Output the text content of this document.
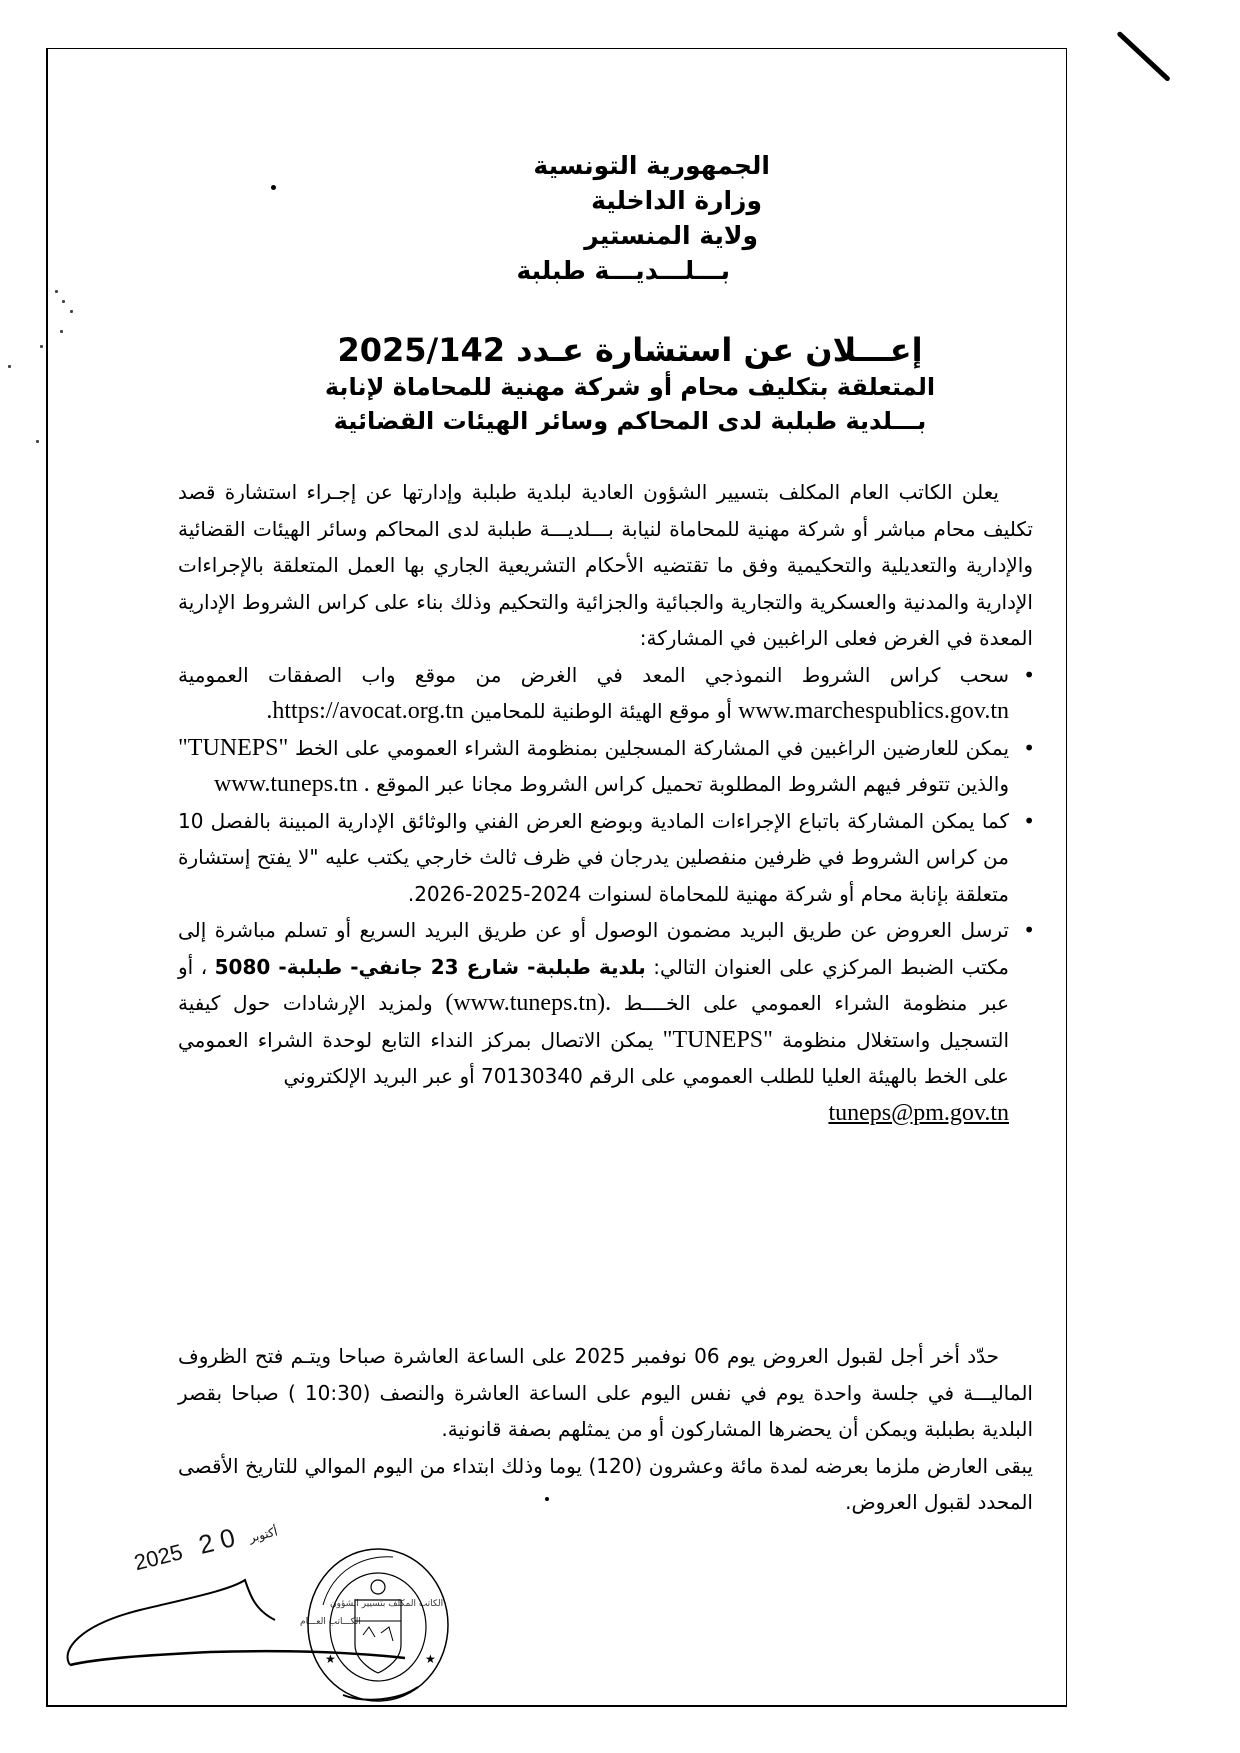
الجمهورية التونسية
وزارة الداخلية
ولاية المنستير
بـــلـــديـــة طبلبة
إعـــلان عن استشارة عـدد 2025/142
المتعلقة بتكليف محام أو شركة مهنية للمحاماة لإنابة
بـــلدية طبلبة لدى المحاكم وسائر الهيئات القضائية

يعلن الكاتب العام المكلف بتسيير الشؤون العادية لبلدية طبلبة وإدارتها عن إجـراء استشارة قصد تكليف محام مباشر أو شركة مهنية للمحاماة لنيابة بـــلديـــة طبلبة لدى المحاكم وسائر الهيئات القضائية والإدارية والتعديلية والتحكيمية وفق ما تقتضيه الأحكام التشريعية الجاري بها العمل المتعلقة بالإجراءات الإدارية والمدنية والعسكرية والتجارية والجبائية والجزائية والتحكيم وذلك بناء على كراس الشروط الإدارية المعدة في الغرض فعلى الراغبين في المشاركة:

• سحب كراس الشروط النموذجي المعد في الغرض من موقع واب الصفقات العمومية www.marchespublics.gov.tn أو موقع الهيئة الوطنية للمحامين .https://avocat.org.tn
• يمكن للعارضين الراغبين في المشاركة المسجلين بمنظومة الشراء العمومي على الخط "TUNEPS" والذين تتوفر فيهم الشروط المطلوبة تحميل كراس الشروط مجانا عبر الموقع www.tuneps.tn .
• كما يمكن المشاركة باتباع الإجراءات المادية وبوضع العرض الفني والوثائق الإدارية المبينة بالفصل 10 من كراس الشروط في ظرفين منفصلين يدرجان في ظرف ثالث خارجي يكتب عليه "لا يفتح إستشارة متعلقة بإنابة محام أو شركة مهنية للمحاماة لسنوات 2024-2025-2026.
• ترسل العروض عن طريق البريد مضمون الوصول أو عن طريق البريد السريع أو تسلم مباشرة إلى مكتب الضبط المركزي على العنوان التالي: بلدية طبلبة- شارع 23 جانفي- طبلبة- 5080 ، أو عبر منظومة الشراء العمومي على الخــــط (www.tuneps.tn). ولمزيد الإرشادات حول كيفية التسجيل واستغلال منظومة "TUNEPS" يمكن الاتصال بمركز النداء التابع لوحدة الشراء العمومي على الخط بالهيئة العليا للطلب العمومي على الرقم 70130340 أو عبر البريد الإلكتروني
tuneps@pm.gov.tn

حدّد أخر أجل لقبول العروض يوم 06 نوفمبر 2025 على الساعة العاشرة صباحا ويتـم فتح الظروف الماليـــة في جلسة واحدة يوم في نفس اليوم على الساعة العاشرة والنصف (10:30 ) صباحا بقصر البلدية بطبلبة ويمكن أن يحضرها المشاركون أو من يمثلهم بصفة قانونية.

يبقى العارض ملزما بعرضه لمدة مائة وعشرون (120) يوما وذلك ابتداء من اليوم الموالي للتاريخ الأقصى المحدد لقبول العروض.

2025 أكتوبر 0 2
الكاتب المكلف بتسيير الشؤون
الكـــاتب العـــام
★	★
